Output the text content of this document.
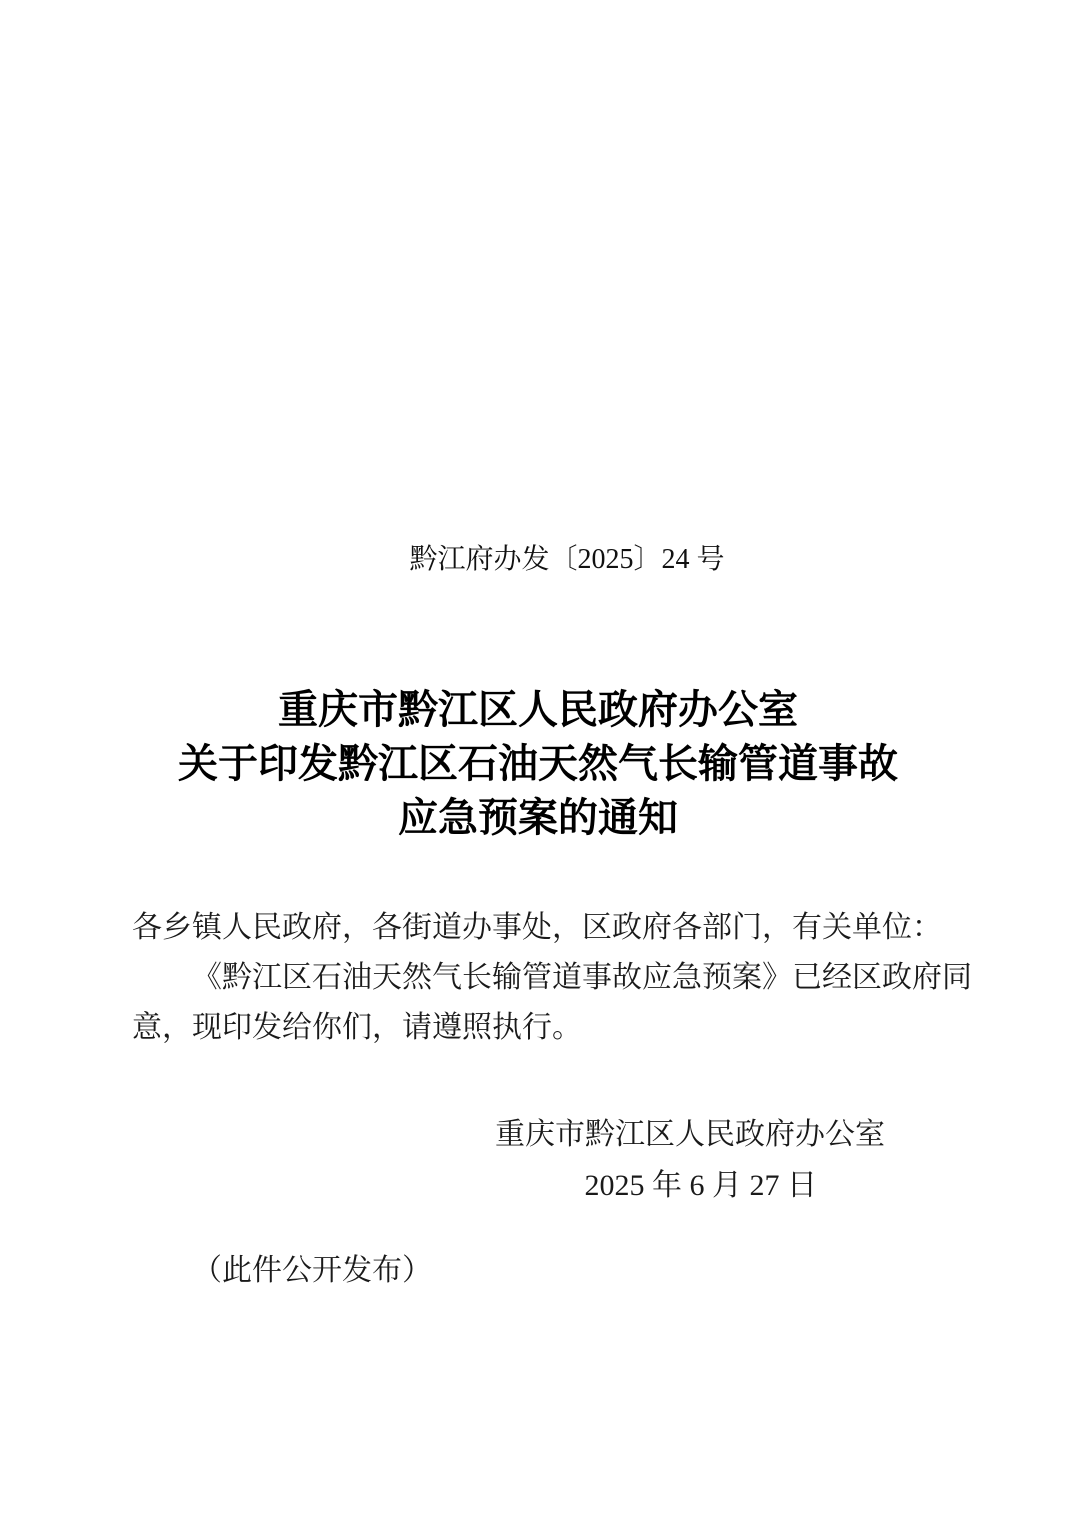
黔江府办发〔2025〕24 号
重庆市黔江区人民政府办公室
关于印发黔江区石油天然气长输管道事故
应急预案的通知
各乡镇人民政府，各街道办事处，区政府各部门，有关单位：
《黔江区石油天然气长输管道事故应急预案》已经区政府同
意，现印发给你们，请遵照执行。
重庆市黔江区人民政府办公室
2025 年 6 月 27 日
（此件公开发布）
